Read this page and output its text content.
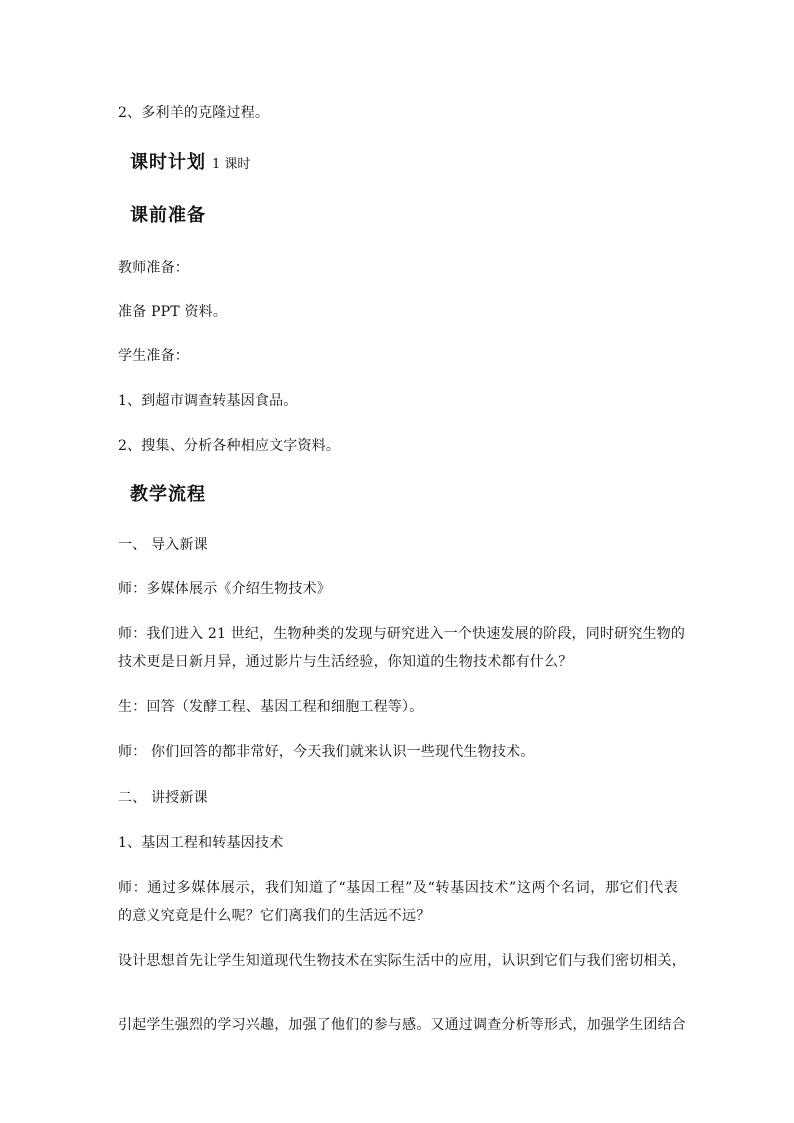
2、多利羊的克隆过程。
课时计划 1 课时
课前准备
教师准备：
准备 PPT 资料。
学生准备：
1、到超市调查转基因食品。
2、搜集、分析各种相应文字资料。
教学流程
一、 导入新课
师：多媒体展示《介绍生物技术》
师：我们进入 21 世纪，生物种类的发现与研究进入一个快速发展的阶段，同时研究生物的
技术更是日新月异，通过影片与生活经验，你知道的生物技术都有什么？
生：回答（发酵工程、基因工程和细胞工程等）。
师： 你们回答的都非常好，今天我们就来认识一些现代生物技术。
二、 讲授新课
1、基因工程和转基因技术
师：通过多媒体展示，我们知道了“基因工程”及“转基因技术”这两个名词，那它们代表
的意义究竟是什么呢？它们离我们的生活远不远？
设计思想首先让学生知道现代生物技术在实际生活中的应用，认识到它们与我们密切相关，
引起学生强烈的学习兴趣，加强了他们的参与感。又通过调查分析等形式，加强学生团结合
